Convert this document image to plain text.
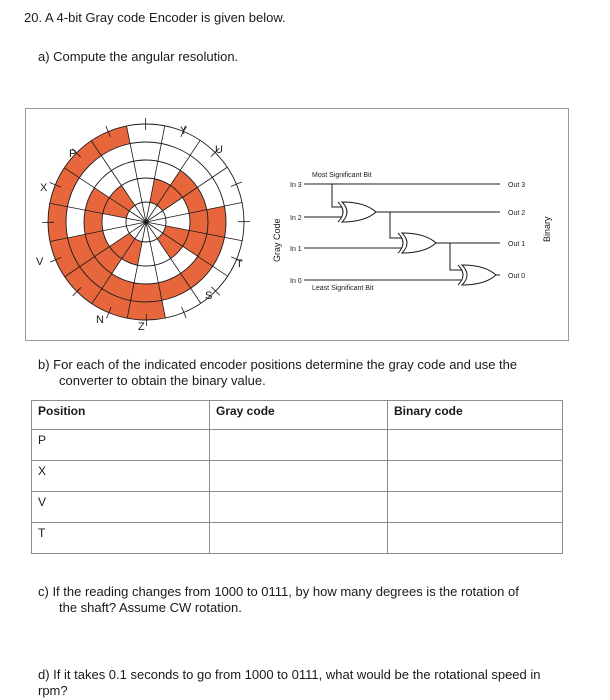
20. A 4-bit Gray code Encoder is given below.
a) Compute the angular resolution.
P
Y
U
X
V	T
S
N
Z
In 3
In 2
In 1
In 0
Out 3
Out 2
Out 1
Out 0
Most Significant Bit
Least Significant Bit
Gray Code	Binary
b) For each of the indicated encoder positions determine the gray code and use the
converter to obtain the binary value.
Position	Gray code	Binary code
P		
X		
V		
T		
c) If the reading changes from 1000 to 0111, by how many degrees is the rotation of
the shaft? Assume CW rotation.
d) If it takes 0.1 seconds to go from 1000 to 0111, what would be the rotational speed in
rpm?
